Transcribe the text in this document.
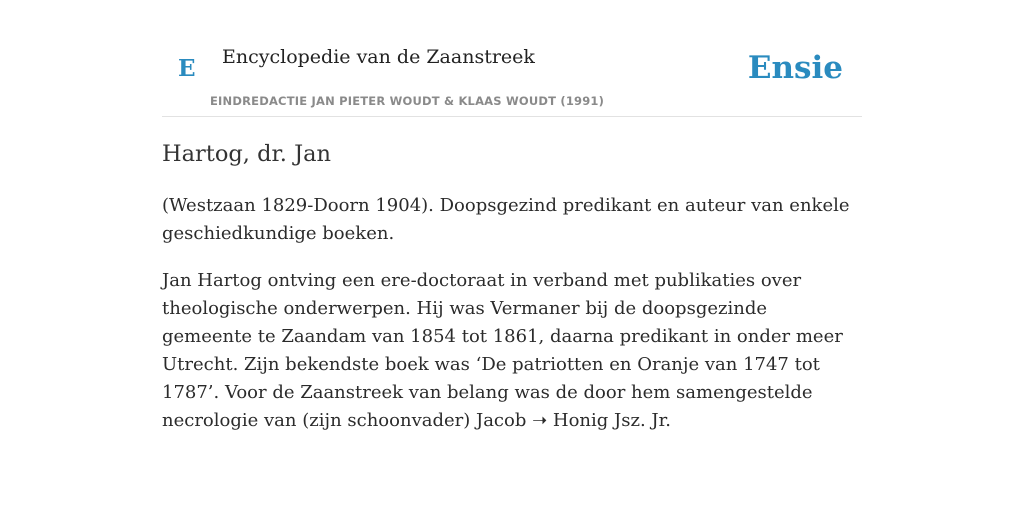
E Encyclopedie van de Zaanstreek
EINDREDACTIE JAN PIETER WOUDT & KLAAS WOUDT (1991)
Ensie
Hartog, dr. Jan

(Westzaan 1829-Doorn 1904). Doopsgezind predikant en auteur van enkele geschiedkundige boeken.

Jan Hartog ontving een ere-doctoraat in verband met publikaties over theologische onderwerpen. Hij was Vermaner bij de doopsgezinde gemeente te Zaandam van 1854 tot 1861, daarna predikant in onder meer Utrecht. Zijn bekendste boek was ‘De patriotten en Oranje van 1747 tot 1787’. Voor de Zaanstreek van belang was de door hem samengestelde necrologie van (zijn schoonvader) Jacob ➝ Honig Jsz. Jr.
